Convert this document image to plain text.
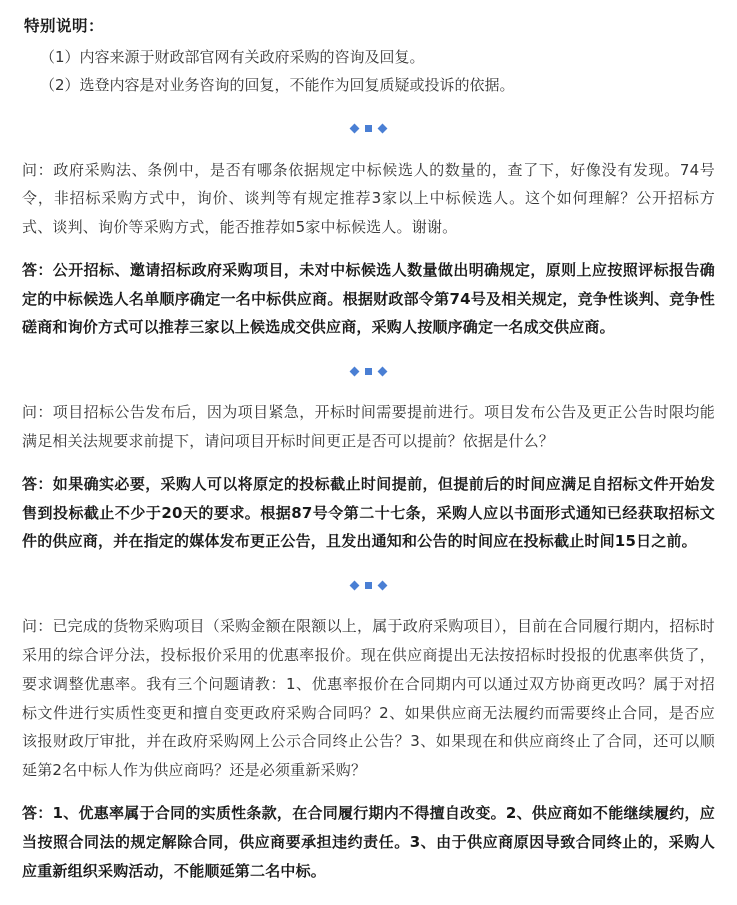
特别说明：
（1）内容来源于财政部官网有关政府采购的咨询及回复。
（2）选登内容是对业务咨询的回复，不能作为回复质疑或投诉的依据。

问：政府采购法、条例中，是否有哪条依据规定中标候选人的数量的，查了下，好像没有发现。74号令，非招标采购方式中，询价、谈判等有规定推荐3家以上中标候选人。这个如何理解？公开招标方式、谈判、询价等采购方式，能否推荐如5家中标候选人。谢谢。

答：公开招标、邀请招标政府采购项目，未对中标候选人数量做出明确规定，原则上应按照评标报告确定的中标候选人名单顺序确定一名中标供应商。根据财政部令第74号及相关规定，竞争性谈判、竞争性磋商和询价方式可以推荐三家以上候选成交供应商，采购人按顺序确定一名成交供应商。

问：项目招标公告发布后，因为项目紧急，开标时间需要提前进行。项目发布公告及更正公告时限均能满足相关法规要求前提下，请问项目开标时间更正是否可以提前？依据是什么？

答：如果确实必要，采购人可以将原定的投标截止时间提前，但提前后的时间应满足自招标文件开始发售到投标截止不少于20天的要求。根据87号令第二十七条，采购人应以书面形式通知已经获取招标文件的供应商，并在指定的媒体发布更正公告，且发出通知和公告的时间应在投标截止时间15日之前。

问：已完成的货物采购项目（采购金额在限额以上，属于政府采购项目），目前在合同履行期内，招标时采用的综合评分法，投标报价采用的优惠率报价。现在供应商提出无法按招标时投报的优惠率供货了，要求调整优惠率。我有三个问题请教：1、优惠率报价在合同期内可以通过双方协商更改吗？属于对招标文件进行实质性变更和擅自变更政府采购合同吗？2、如果供应商无法履约而需要终止合同，是否应该报财政厅审批，并在政府采购网上公示合同终止公告？3、如果现在和供应商终止了合同，还可以顺延第2名中标人作为供应商吗？还是必须重新采购？

答：1、优惠率属于合同的实质性条款，在合同履行期内不得擅自改变。2、供应商如不能继续履约，应当按照合同法的规定解除合同，供应商要承担违约责任。3、由于供应商原因导致合同终止的，采购人应重新组织采购活动，不能顺延第二名中标。
